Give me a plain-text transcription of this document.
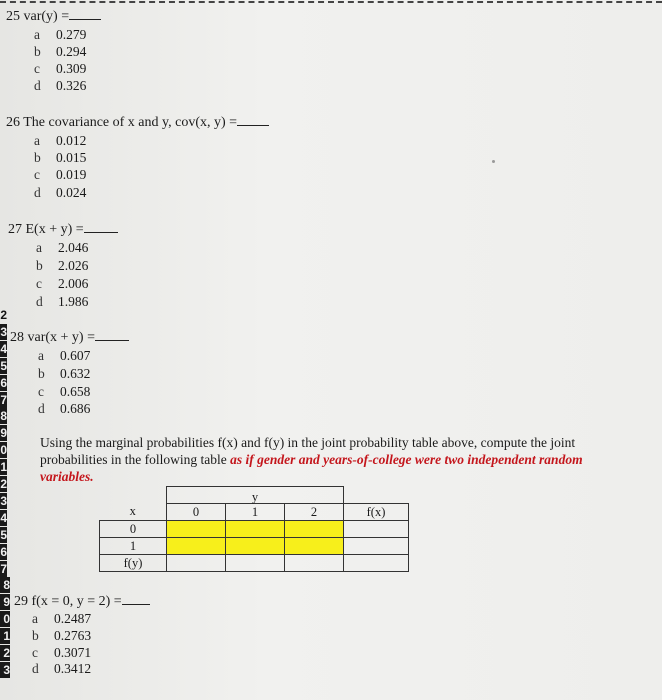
25 var(y) =
a 0.279
b 0.294
c 0.309
d 0.326
26 The covariance of x and y, cov(x, y) =
a 0.012
b 0.015
c 0.019
d 0.024
27 E(x + y) =
a 2.046
b 2.026
c 2.006
d 1.986
28 var(x + y) =
a 0.607
b 0.632
c 0.658
d 0.686
Using the marginal probabilities f(x) and f(y) in the joint probability table above, compute the joint probabilities in the following table as if gender and years-of-college were two independent random variables.
		y		
x	0	1	2	f(x)
0				
1				
f(y)				
29 f(x = 0, y = 2) =
a 0.2487
b 0.2763
c 0.3071
d 0.3412
2
3
4
5
6
7
8
9
0
1
2
3
4
5
6
7
8
9
0
1
2
3
